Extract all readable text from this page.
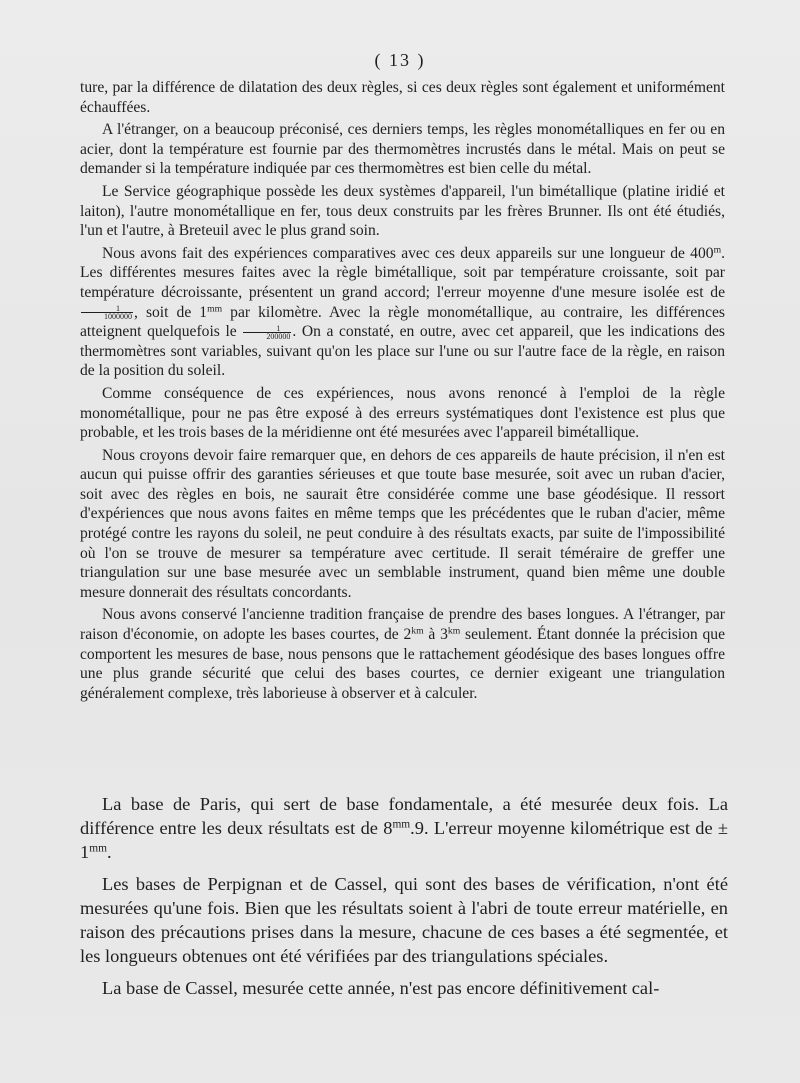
( 13 )

ture, par la différence de dilatation des deux règles, si ces deux règles sont également et uniformément échauffées.

A l'étranger, on a beaucoup préconisé, ces derniers temps, les règles monométalliques en fer ou en acier, dont la température est fournie par des thermomètres incrustés dans le métal. Mais on peut se demander si la température indiquée par ces thermomètres est bien celle du métal.

Le Service géographique possède les deux systèmes d'appareil, l'un bimétallique (platine iridié et laiton), l'autre monométallique en fer, tous deux construits par les frères Brunner. Ils ont été étudiés, l'un et l'autre, à Breteuil avec le plus grand soin.

Nous avons fait des expériences comparatives avec ces deux appareils sur une longueur de 400$^m$. Les différentes mesures faites avec la règle bimétallique, soit par température croissante, soit par température décroissante, présentent un grand accord; l'erreur moyenne d'une mesure isolée est de
$\frac{1}{1000000}$ , soit de $1^{mm}$ par kilomètre. Avec la règle monométallique, au contraire, les différences atteignent quelquefois le $\frac{1}{200000}$ . On a constaté, en outre, avec cet appareil, que les indications des thermomètres sont variables, suivant qu'on les place sur l'une ou sur l'autre face de la règle, en raison de la position du soleil.

Comme conséquence de ces expériences, nous avons renoncé à l'emploi de la règle monométallique, pour ne pas être exposé à des erreurs systématiques dont l'existence est plus que probable, et les trois bases de la méridienne ont été mesurées avec l'appareil bimétallique.

Nous croyons devoir faire remarquer que, en dehors de ces appareils de haute précision, il n'en est aucun qui puisse offrir des garanties sérieuses et que toute base mesurée, soit avec un ruban d'acier, soit avec des règles en bois, ne saurait être considérée comme une base géodésique. Il ressort d'expériences que nous avons faites en même temps que les précédentes que le ruban d'acier, même protégé contre les rayons du soleil, ne peut conduire à des résultats exacts, par suite de l'impossibilité où l'on se trouve de mesurer sa température avec certitude. Il serait téméraire de greffer une triangulation sur une base mesurée avec un semblable instrument, quand bien même une double mesure donnerait des résultats concordants.

Nous avons conservé l'ancienne tradition française de prendre des bases longues. A l'étranger, par raison d'économie, on adopte les bases courtes, de $2^{km}$ à $3^{km}$ seulement. Étant donnée la précision que comportent les mesures de base, nous pensons que le rattachement géodésique des bases longues offre une plus grande sécurité que celui des bases courtes, ce dernier exigeant une triangulation généralement complexe, très laborieuse à observer et à calculer.

La base de Paris, qui sert de base fondamentale, a été mesurée deux fois. La différence entre les deux résultats est de $8^{mm}.9$. L'erreur moyenne kilométrique est de ± $1^{mm}$.

Les bases de Perpignan et de Cassel, qui sont des bases de vérification, n'ont été mesurées qu'une fois. Bien que les résultats soient à l'abri de toute erreur matérielle, en raison des précautions prises dans la mesure, chacune de ces bases a été segmentée, et les longueurs obtenues ont été vérifiées par des triangulations spéciales.

La base de Cassel, mesurée cette année, n'est pas encore définitivement cal-
